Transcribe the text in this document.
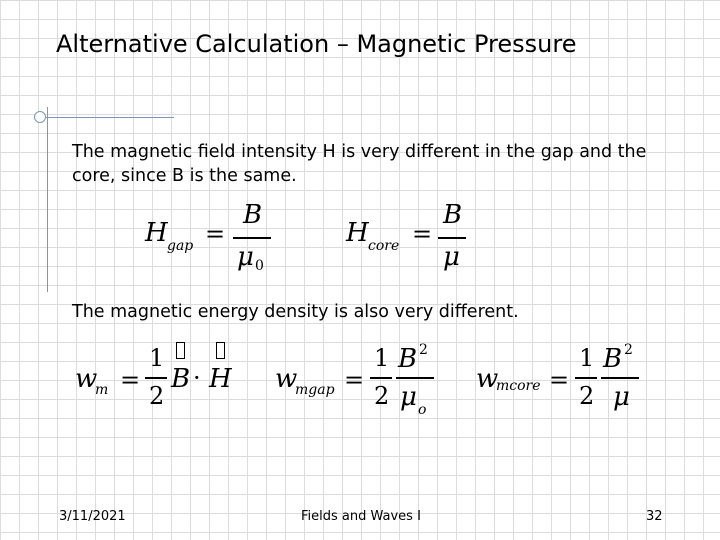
Alternative Calculation – Magnetic Pressure
The magnetic field intensity H is very different in the gap and the
core, since B is the same.
H gap =
B
μ 0
H core =
B
μ
The magnetic energy density is also very different.
w
m =
1
2
B · H w
mgap =
1
2
B 2
μ o
w
mcore =
1
2
B 2
μ
3/11/2021	Fields and Waves I	32
